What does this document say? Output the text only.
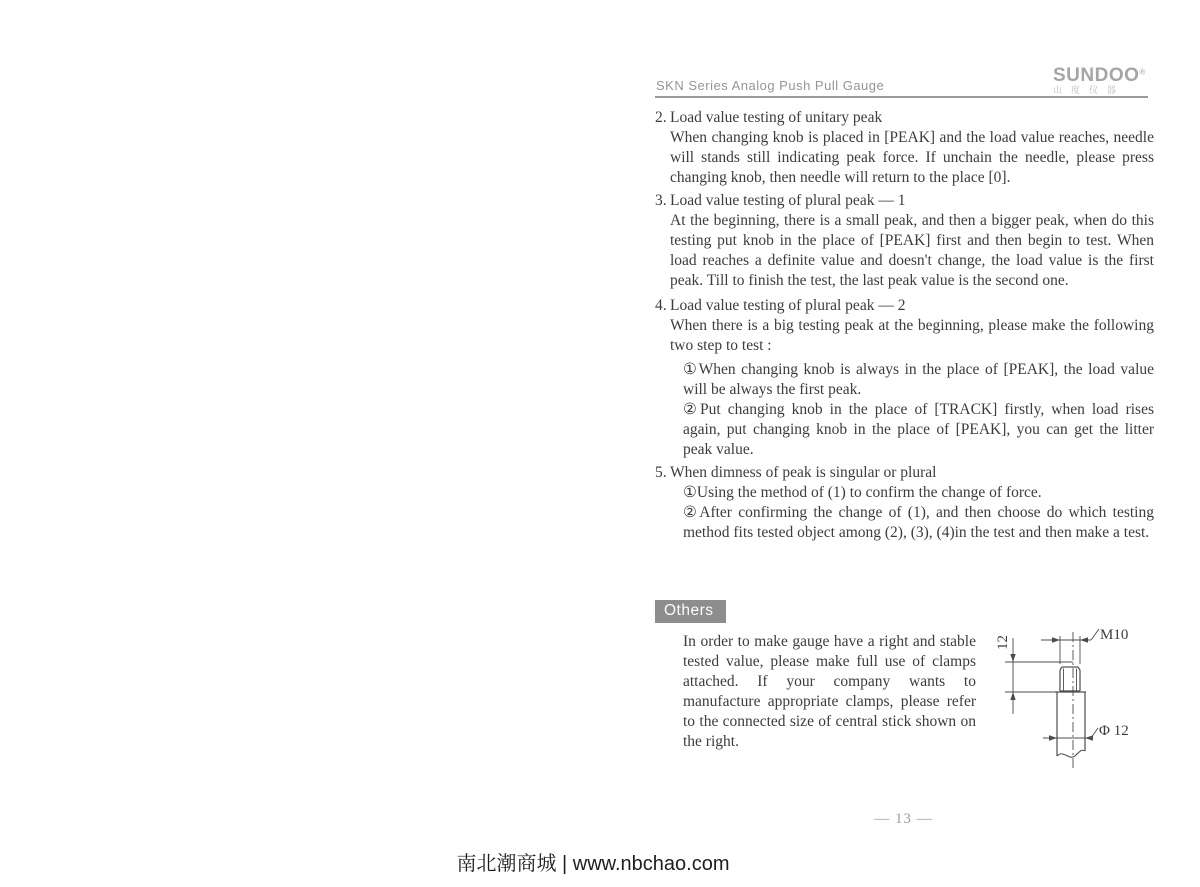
SKN Series Analog Push Pull Gauge	SUNDOO®
山度仪器
2. Load value testing of unitary peak

When changing knob is placed in [PEAK] and the load value reaches, needle will stands still indicating peak force. If unchain the needle, please press changing knob, then needle will return to the place [0].

3. Load value testing of plural peak — 1

At the beginning, there is a small peak, and then a bigger peak, when do this testing put knob in the place of [PEAK] first and then begin to test. When load reaches a definite value and doesn't change, the load value is the first peak. Till to finish the test, the last peak value is the second one.

4. Load value testing of plural peak — 2

When there is a big testing peak at the beginning, please make the following two step to test :

①When changing knob is always in the place of [PEAK], the load value will be always the first peak.

②Put changing knob in the place of [TRACK] firstly, when load rises again, put changing knob in the place of [PEAK], you can get the litter peak value.

5. When dimness of peak is singular or plural

①Using the method of (1) to confirm the change of force.

②After confirming the change of (1), and then choose do which testing method fits tested object among (2), (3), (4)in the test and then make a test.

Others

In order to make gauge have a right and stable tested value, please make full use of clamps attached. If your company wants to manufacture appropriate clamps, please refer to the connected size of central stick shown on the right.

M10
12
Φ 12
— 13 —
南北潮商城 | www.nbchao.com
